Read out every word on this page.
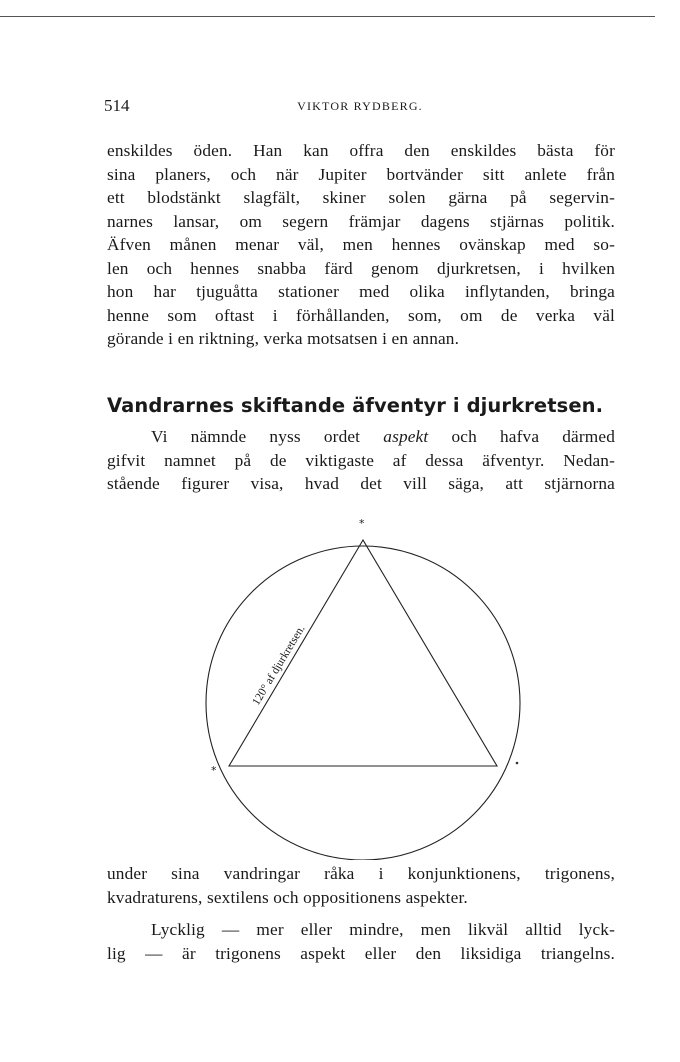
514	VIKTOR RYDBERG.
enskildes öden. Han kan offra den enskildes bästa för
sina planers, och när Jupiter bortvänder sitt anlete från
ett blodstänkt slagfält, skiner solen gärna på segervin-
narnes lansar, om segern främjar dagens stjärnas politik.
Äfven månen menar väl, men hennes ovänskap med so-
len och hennes snabba färd genom djurkretsen, i hvilken
hon har tjuguåtta stationer med olika inflytanden, bringa
henne som oftast i förhållanden, som, om de verka väl
görande i en riktning, verka motsatsen i en annan.
Vandrarnes skiftande äfventyr i djurkretsen.
Vi nämnde nyss ordet aspekt och hafva därmed
gifvit namnet på de viktigaste af dessa äfventyr. Nedan-
stående figurer visa, hvad det vill säga, att stjärnorna
*
*
120° af djurkretsen.
under sina vandringar råka i konjunktionens, trigonens,
kvadraturens, sextilens och oppositionens aspekter.
Lycklig — mer eller mindre, men likväl alltid lyck-
lig — är trigonens aspekt eller den liksidiga triangelns.
